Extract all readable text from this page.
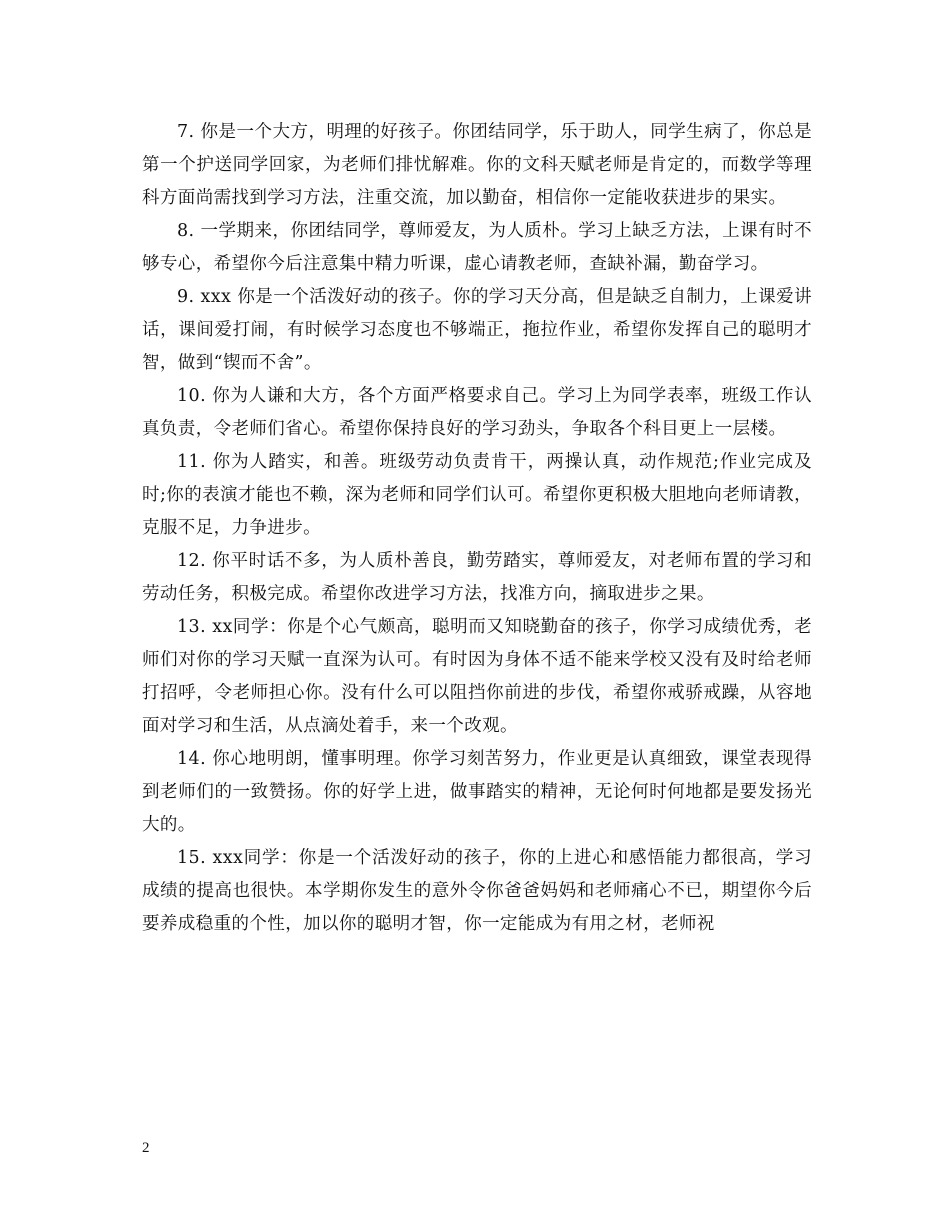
7. 你是一个大方，明理的好孩子。你团结同学，乐于助人，同学生病了，你总是第一个护送同学回家，为老师们排忧解难。你的文科天赋老师是肯定的，而数学等理科方面尚需找到学习方法，注重交流，加以勤奋，相信你一定能收获进步的果实。

8. 一学期来，你团结同学，尊师爱友，为人质朴。学习上缺乏方法，上课有时不够专心，希望你今后注意集中精力听课，虚心请教老师，查缺补漏，勤奋学习。

9. xxx 你是一个活泼好动的孩子。你的学习天分高，但是缺乏自制力，上课爱讲话，课间爱打闹，有时候学习态度也不够端正，拖拉作业，希望你发挥自己的聪明才智，做到“锲而不舍”。

10. 你为人谦和大方，各个方面严格要求自己。学习上为同学表率，班级工作认真负责，令老师们省心。希望你保持良好的学习劲头，争取各个科目更上一层楼。

11. 你为人踏实，和善。班级劳动负责肯干，两操认真，动作规范;作业完成及时;你的表演才能也不赖，深为老师和同学们认可。希望你更积极大胆地向老师请教，克服不足，力争进步。

12. 你平时话不多，为人质朴善良，勤劳踏实，尊师爱友，对老师布置的学习和劳动任务，积极完成。希望你改进学习方法，找准方向，摘取进步之果。

13. xx同学：你是个心气颇高，聪明而又知晓勤奋的孩子，你学习成绩优秀，老师们对你的学习天赋一直深为认可。有时因为身体不适不能来学校又没有及时给老师打招呼，令老师担心你。没有什么可以阻挡你前进的步伐，希望你戒骄戒躁，从容地面对学习和生活，从点滴处着手，来一个改观。

14. 你心地明朗，懂事明理。你学习刻苦努力，作业更是认真细致，课堂表现得到老师们的一致赞扬。你的好学上进，做事踏实的精神，无论何时何地都是要发扬光大的。

15. xxx同学：你是一个活泼好动的孩子，你的上进心和感悟能力都很高，学习成绩的提高也很快。本学期你发生的意外令你爸爸妈妈和老师痛心不已，期望你今后要养成稳重的个性，加以你的聪明才智，你一定能成为有用之材，老师祝

2
